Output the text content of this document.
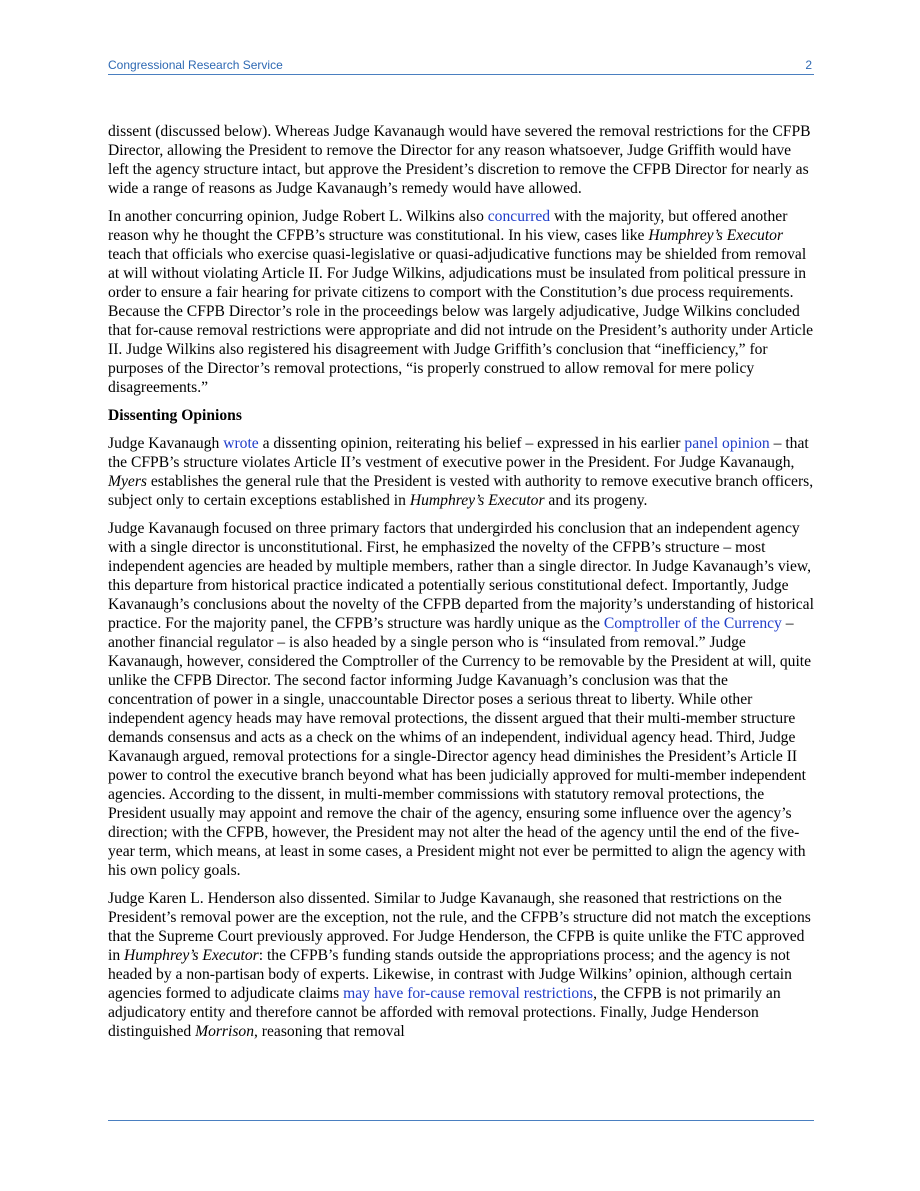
Congressional Research Service	2

dissent (discussed below). Whereas Judge Kavanaugh would have severed the removal restrictions for the CFPB Director, allowing the President to remove the Director for any reason whatsoever, Judge Griffith would have left the agency structure intact, but approve the President’s discretion to remove the CFPB Director for nearly as wide a range of reasons as Judge Kavanaugh’s remedy would have allowed.

In another concurring opinion, Judge Robert L. Wilkins also concurred with the majority, but offered another reason why he thought the CFPB’s structure was constitutional. In his view, cases like Humphrey’s Executor teach that officials who exercise quasi-legislative or quasi-adjudicative functions may be shielded from removal at will without violating Article II. For Judge Wilkins, adjudications must be insulated from political pressure in order to ensure a fair hearing for private citizens to comport with the Constitution’s due process requirements. Because the CFPB Director’s role in the proceedings below was largely adjudicative, Judge Wilkins concluded that for-cause removal restrictions were appropriate and did not intrude on the President’s authority under Article II. Judge Wilkins also registered his disagreement with Judge Griffith’s conclusion that “inefficiency,” for purposes of the Director’s removal protections, “is properly construed to allow removal for mere policy disagreements.”

Dissenting Opinions

Judge Kavanaugh wrote a dissenting opinion, reiterating his belief – expressed in his earlier panel opinion – that the CFPB’s structure violates Article II’s vestment of executive power in the President. For Judge Kavanaugh, Myers establishes the general rule that the President is vested with authority to remove executive branch officers, subject only to certain exceptions established in Humphrey’s Executor and its progeny.

Judge Kavanaugh focused on three primary factors that undergirded his conclusion that an independent agency with a single director is unconstitutional. First, he emphasized the novelty of the CFPB’s structure – most independent agencies are headed by multiple members, rather than a single director. In Judge Kavanaugh’s view, this departure from historical practice indicated a potentially serious constitutional defect. Importantly, Judge Kavanaugh’s conclusions about the novelty of the CFPB departed from the majority’s understanding of historical practice. For the majority panel, the CFPB’s structure was hardly unique as the Comptroller of the Currency – another financial regulator – is also headed by a single person who is “insulated from removal.” Judge Kavanaugh, however, considered the Comptroller of the Currency to be removable by the President at will, quite unlike the CFPB Director. The second factor informing Judge Kavanuagh’s conclusion was that the concentration of power in a single, unaccountable Director poses a serious threat to liberty. While other independent agency heads may have removal protections, the dissent argued that their multi-member structure demands consensus and acts as a check on the whims of an independent, individual agency head. Third, Judge Kavanaugh argued, removal protections for a single-Director agency head diminishes the President’s Article II power to control the executive branch beyond what has been judicially approved for multi-member independent agencies. According to the dissent, in multi-member commissions with statutory removal protections, the President usually may appoint and remove the chair of the agency, ensuring some influence over the agency’s direction; with the CFPB, however, the President may not alter the head of the agency until the end of the five-year term, which means, at least in some cases, a President might not ever be permitted to align the agency with his own policy goals.

Judge Karen L. Henderson also dissented. Similar to Judge Kavanaugh, she reasoned that restrictions on the President’s removal power are the exception, not the rule, and the CFPB’s structure did not match the exceptions that the Supreme Court previously approved. For Judge Henderson, the CFPB is quite unlike the FTC approved in Humphrey’s Executor: the CFPB’s funding stands outside the appropriations process; and the agency is not headed by a non-partisan body of experts. Likewise, in contrast with Judge Wilkins’ opinion, although certain agencies formed to adjudicate claims may have for-cause removal restrictions, the CFPB is not primarily an adjudicatory entity and therefore cannot be afforded with removal protections. Finally, Judge Henderson distinguished Morrison, reasoning that removal
